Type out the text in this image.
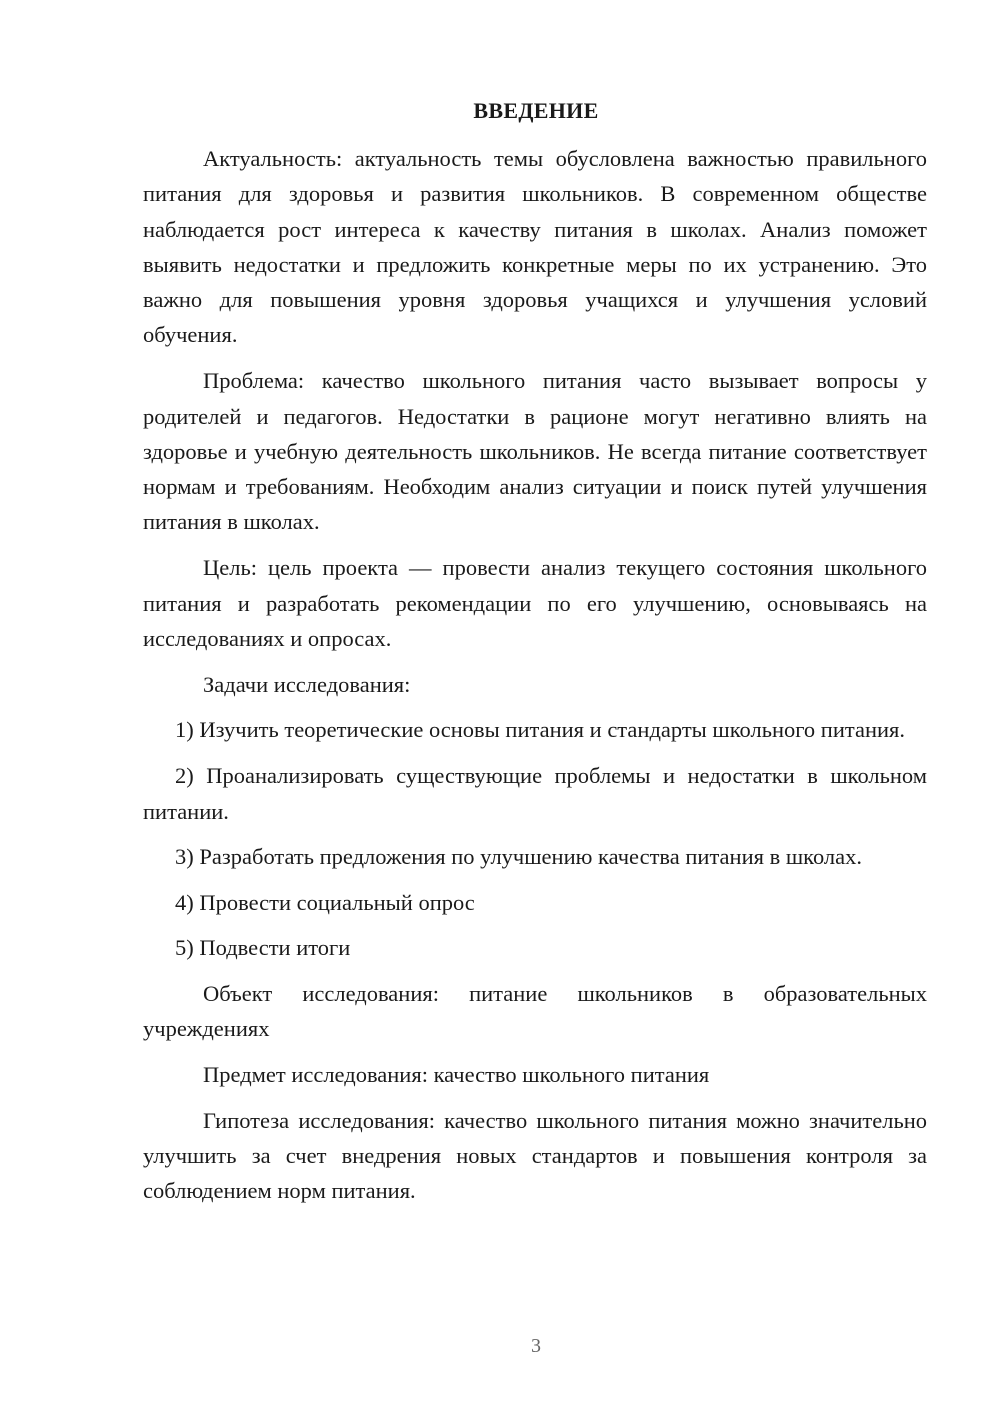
ВВЕДЕНИЕ

Актуальность: актуальность темы обусловлена важностью правильного питания для здоровья и развития школьников. В современном обществе наблюдается рост интереса к качеству питания в школах. Анализ поможет выявить недостатки и предложить конкретные меры по их устранению. Это важно для повышения уровня здоровья учащихся и улучшения условий обучения.

Проблема: качество школьного питания часто вызывает вопросы у родителей и педагогов. Недостатки в рационе могут негативно влиять на здоровье и учебную деятельность школьников. Не всегда питание соответствует нормам и требованиям. Необходим анализ ситуации и поиск путей улучшения питания в школах.

Цель: цель проекта — провести анализ текущего состояния школьного питания и разработать рекомендации по его улучшению, основываясь на исследованиях и опросах.

Задачи исследования:

1) Изучить теоретические основы питания и стандарты школьного питания.

2) Проанализировать существующие проблемы и недостатки в школьном питании.

3) Разработать предложения по улучшению качества питания в школах.

4) Провести социальный опрос

5) Подвести итоги

Объект исследования: питание школьников в образовательных учреждениях

Предмет исследования: качество школьного питания

Гипотеза исследования: качество школьного питания можно значительно улучшить за счет внедрения новых стандартов и повышения контроля за соблюдением норм питания.

3
